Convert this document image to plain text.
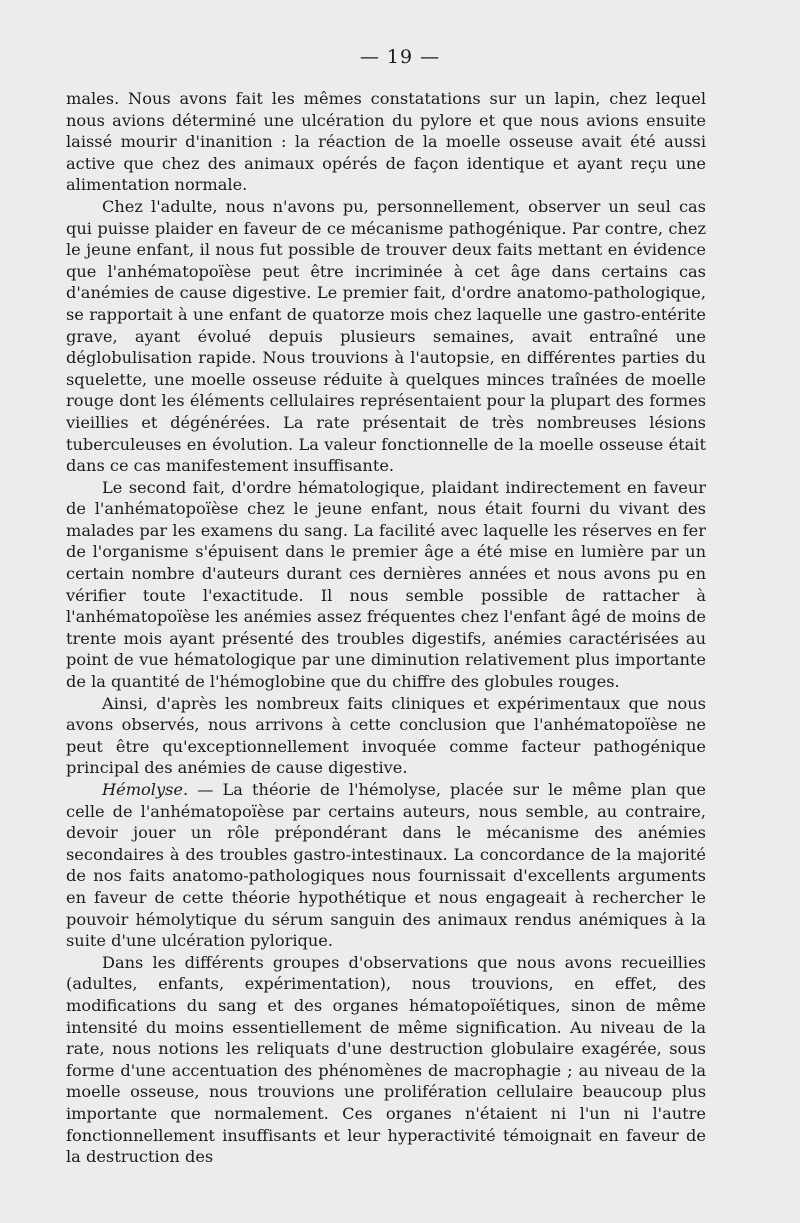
— 19 —

males. Nous avons fait les mêmes constatations sur un lapin, chez lequel nous avions déterminé une ulcération du pylore et que nous avions ensuite laissé mourir d'inanition : la réaction de la moelle osseuse avait été aussi active que chez des animaux opérés de façon identique et ayant reçu une alimentation normale.

Chez l'adulte, nous n'avons pu, personnellement, observer un seul cas qui puisse plaider en faveur de ce mécanisme pathogénique. Par contre, chez le jeune enfant, il nous fut possible de trouver deux faits mettant en évidence que l'anhématopoïèse peut être incriminée à cet âge dans certains cas d'anémies de cause digestive. Le premier fait, d'ordre anatomo-pathologique, se rapportait à une enfant de quatorze mois chez laquelle une gastro-entérite grave, ayant évolué depuis plusieurs semaines, avait entraîné une déglobulisation rapide. Nous trouvions à l'autopsie, en différentes parties du squelette, une moelle osseuse réduite à quelques minces traînées de moelle rouge dont les éléments cellulaires représentaient pour la plupart des formes vieillies et dégénérées. La rate présentait de très nombreuses lésions tuberculeuses en évolution. La valeur fonctionnelle de la moelle osseuse était dans ce cas manifestement insuffisante.

Le second fait, d'ordre hématologique, plaidant indirectement en faveur de l'anhématopoïèse chez le jeune enfant, nous était fourni du vivant des malades par les examens du sang. La facilité avec laquelle les réserves en fer de l'organisme s'épuisent dans le premier âge a été mise en lumière par un certain nombre d'auteurs durant ces dernières années et nous avons pu en vérifier toute l'exactitude. Il nous semble possible de rattacher à l'anhématopoïèse les anémies assez fréquentes chez l'enfant âgé de moins de trente mois ayant présenté des troubles digestifs, anémies caractérisées au point de vue hématologique par une diminution relativement plus importante de la quantité de l'hémoglobine que du chiffre des globules rouges.

Ainsi, d'après les nombreux faits cliniques et expérimentaux que nous avons observés, nous arrivons à cette conclusion que l'anhématopoïèse ne peut être qu'exceptionnellement invoquée comme facteur pathogénique principal des anémies de cause digestive.

Hémolyse. — La théorie de l'hémolyse, placée sur le même plan que celle de l'anhématopoïèse par certains auteurs, nous semble, au contraire, devoir jouer un rôle prépondérant dans le mécanisme des anémies secondaires à des troubles gastro-intestinaux. La concordance de la majorité de nos faits anatomo-pathologiques nous fournissait d'excellents arguments en faveur de cette théorie hypothétique et nous engageait à rechercher le pouvoir hémolytique du sérum sanguin des animaux rendus anémiques à la suite d'une ulcération pylorique.

Dans les différents groupes d'observations que nous avons recueillies (adultes, enfants, expérimentation), nous trouvions, en effet, des modifications du sang et des organes hématopoïétiques, sinon de même intensité du moins essentiellement de même signification. Au niveau de la rate, nous notions les reliquats d'une destruction globulaire exagérée, sous forme d'une accentuation des phénomènes de macrophagie ; au niveau de la moelle osseuse, nous trouvions une prolifération cellulaire beaucoup plus importante que normalement. Ces organes n'étaient ni l'un ni l'autre fonctionnellement insuffisants et leur hyperactivité témoignait en faveur de la destruction des
